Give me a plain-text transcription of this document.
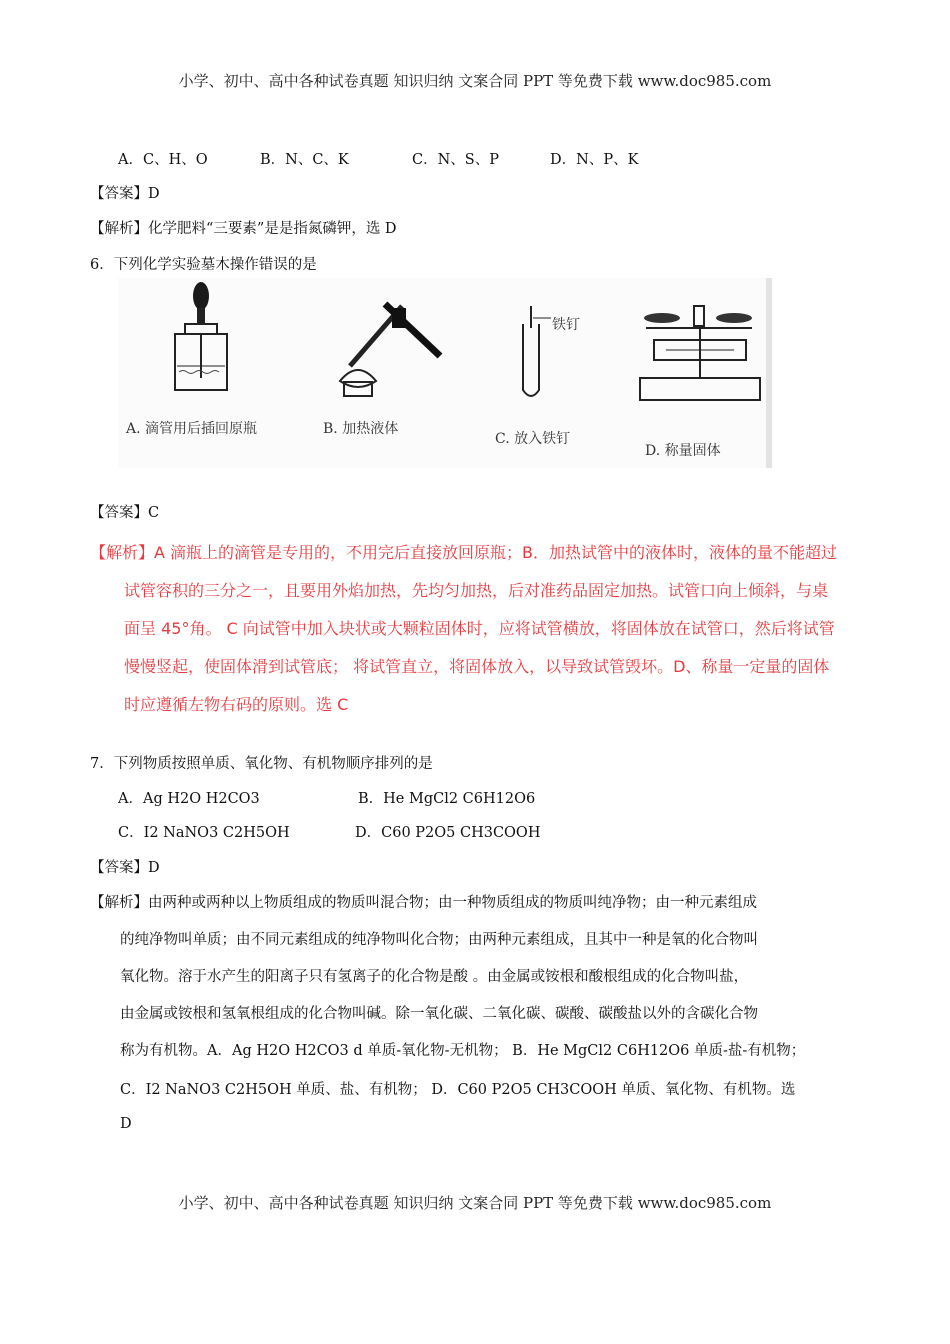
小学、初中、高中各种试卷真题 知识归纳 文案合同 PPT 等免费下载 www.doc985.com
A．C、H、O	B．N、C、K	C．N、S、P	D．N、P、K
【答案】D
【解析】化学肥料“三要素”是是指氮磷钾，选 D
6．下列化学实验墓木操作错误的是
A. 滴管用后插回原瓶	B. 加热液体
铁钉
C. 放入铁钉
D. 称量固体
【答案】C
【解析】A 滴瓶上的滴管是专用的，不用完后直接放回原瓶；B．加热试管中的液体时，液体的量不能超过
试管容积的三分之一，且要用外焰加热，先均匀加热，后对准药品固定加热。试管口向上倾斜，与桌
面呈 45°角。 C 向试管中加入块状或大颗粒固体时，应将试管横放，将固体放在试管口，然后将试管
慢慢竖起，使固体滑到试管底； 将试管直立，将固体放入，以导致试管毁坏。D、称量一定量的固体
时应遵循左物右码的原则。选 C
7．下列物质按照单质、氧化物、有机物顺序排列的是
A．Ag H2O H2CO3	B．He MgCl2 C6H12O6
C．I2 NaNO3 C2H5OH	D．C60 P2O5 CH3COOH
【答案】D
【解析】由两种或两种以上物质组成的物质叫混合物；由一种物质组成的物质叫纯净物；由一种元素组成
的纯净物叫单质；由不同元素组成的纯净物叫化合物；由两种元素组成，且其中一种是氧的化合物叫
氧化物。溶于水产生的阳离子只有氢离子的化合物是酸 。由金属或铵根和酸根组成的化合物叫盐，
由金属或铵根和氢氧根组成的化合物叫碱。除一氧化碳、二氧化碳、碳酸、碳酸盐以外的含碳化合物
称为有机物。A．Ag H2O H2CO3 d 单质-氧化物-无机物； B．He MgCl2 C6H12O6 单质-盐-有机物；
C．I2 NaNO3 C2H5OH 单质、盐、有机物； D．C60 P2O5 CH3COOH 单质、氧化物、有机物。选
D
小学、初中、高中各种试卷真题 知识归纳 文案合同 PPT 等免费下载 www.doc985.com
